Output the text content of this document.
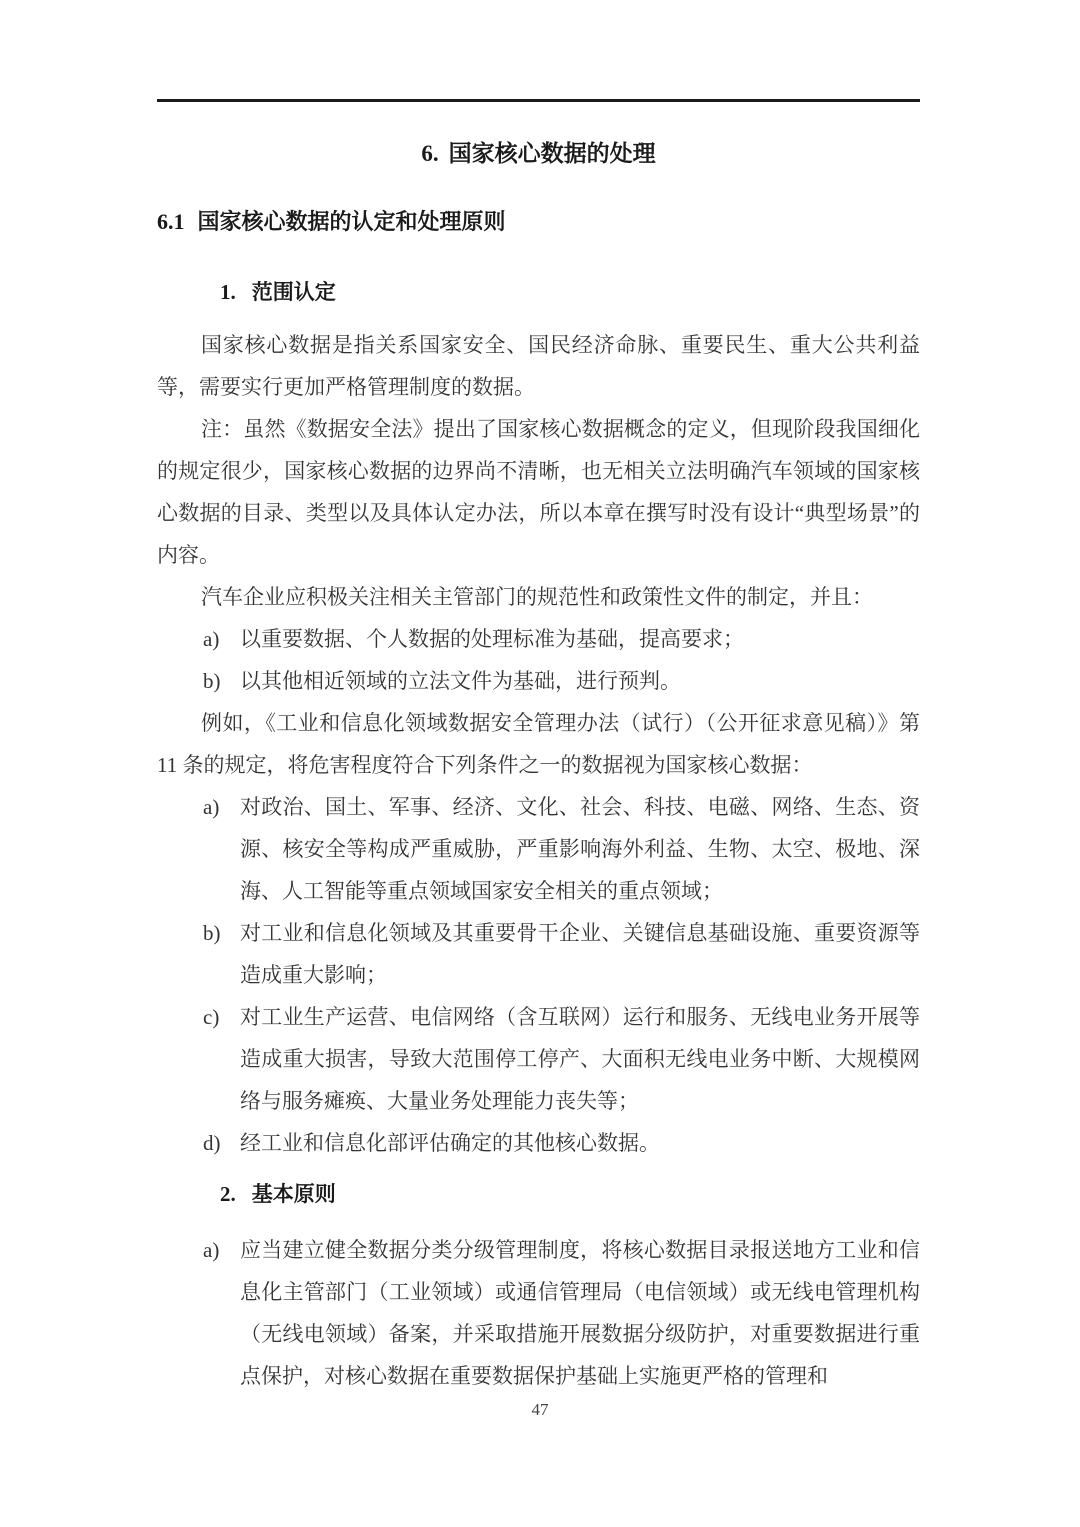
6. 国家核心数据的处理
6.1 国家核心数据的认定和处理原则
1. 范围认定

国家核心数据是指关系国家安全、国民经济命脉、重要民生、重大公共利益等，需要实行更加严格管理制度的数据。

注：虽然《数据安全法》提出了国家核心数据概念的定义，但现阶段我国细化的规定很少，国家核心数据的边界尚不清晰，也无相关立法明确汽车领域的国家核心数据的目录、类型以及具体认定办法，所以本章在撰写时没有设计“典型场景”的内容。

汽车企业应积极关注相关主管部门的规范性和政策性文件的制定，并且：

a) 以重要数据、个人数据的处理标准为基础，提高要求；
b) 以其他相近领域的立法文件为基础，进行预判。

例如，《工业和信息化领域数据安全管理办法（试行）（公开征求意见稿）》第 11 条的规定，将危害程度符合下列条件之一的数据视为国家核心数据：

a) 对政治、国土、军事、经济、文化、社会、科技、电磁、网络、生态、资源、核安全等构成严重威胁，严重影响海外利益、生物、太空、极地、深海、人工智能等重点领域国家安全相关的重点领域；
b) 对工业和信息化领域及其重要骨干企业、关键信息基础设施、重要资源等造成重大影响；
c) 对工业生产运营、电信网络（含互联网）运行和服务、无线电业务开展等造成重大损害，导致大范围停工停产、大面积无线电业务中断、大规模网络与服务瘫痪、大量业务处理能力丧失等；
d) 经工业和信息化部评估确定的其他核心数据。
2. 基本原则
a) 应当建立健全数据分类分级管理制度，将核心数据目录报送地方工业和信息化主管部门（工业领域）或通信管理局（电信领域）或无线电管理机构（无线电领域）备案，并采取措施开展数据分级防护，对重要数据进行重点保护，对核心数据在重要数据保护基础上实施更严格的管理和
47
